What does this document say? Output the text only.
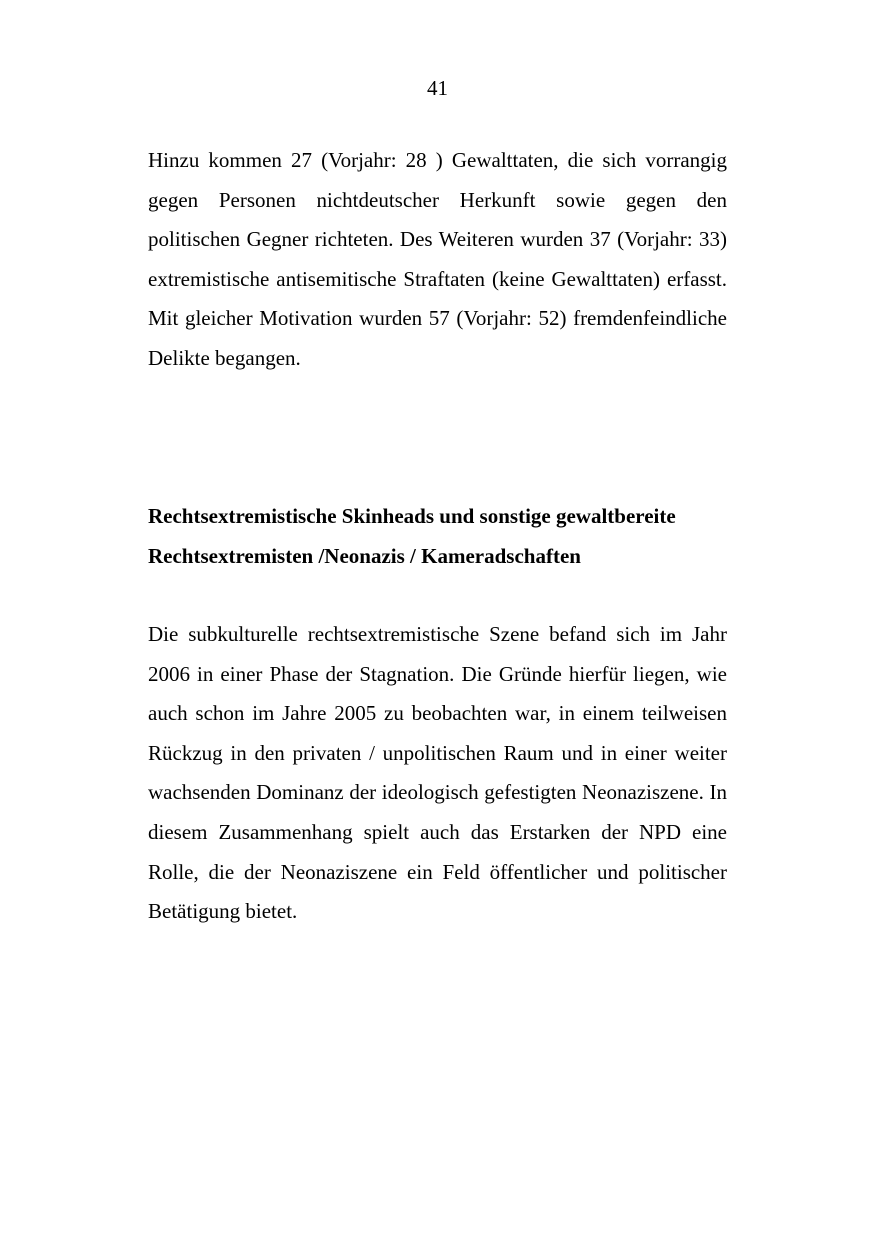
41

Hinzu kommen 27 (Vorjahr: 28 ) Gewalttaten, die sich vorrangig gegen Personen nichtdeutscher Herkunft sowie gegen den politischen Gegner richteten. Des Weiteren wurden 37 (Vorjahr: 33) extremistische antisemitische Straftaten (keine Gewalttaten) erfasst. Mit gleicher Motivation wurden 57 (Vorjahr: 52) fremdenfeindliche Delikte begangen.

Rechtsextremistische Skinheads und sonstige gewaltbereite
Rechtsextremisten /Neonazis / Kameradschaften

Die subkulturelle rechtsextremistische Szene befand sich im Jahr 2006 in einer Phase der Stagnation. Die Gründe hierfür liegen, wie auch schon im Jahre 2005 zu beobachten war, in einem teilweisen Rückzug in den privaten / unpolitischen Raum und in einer weiter wachsenden Dominanz der ideologisch gefestigten Neonaziszene. In diesem Zusammenhang spielt auch das Erstarken der NPD eine Rolle, die der Neonaziszene ein Feld öffentlicher und politischer Betätigung bietet.
